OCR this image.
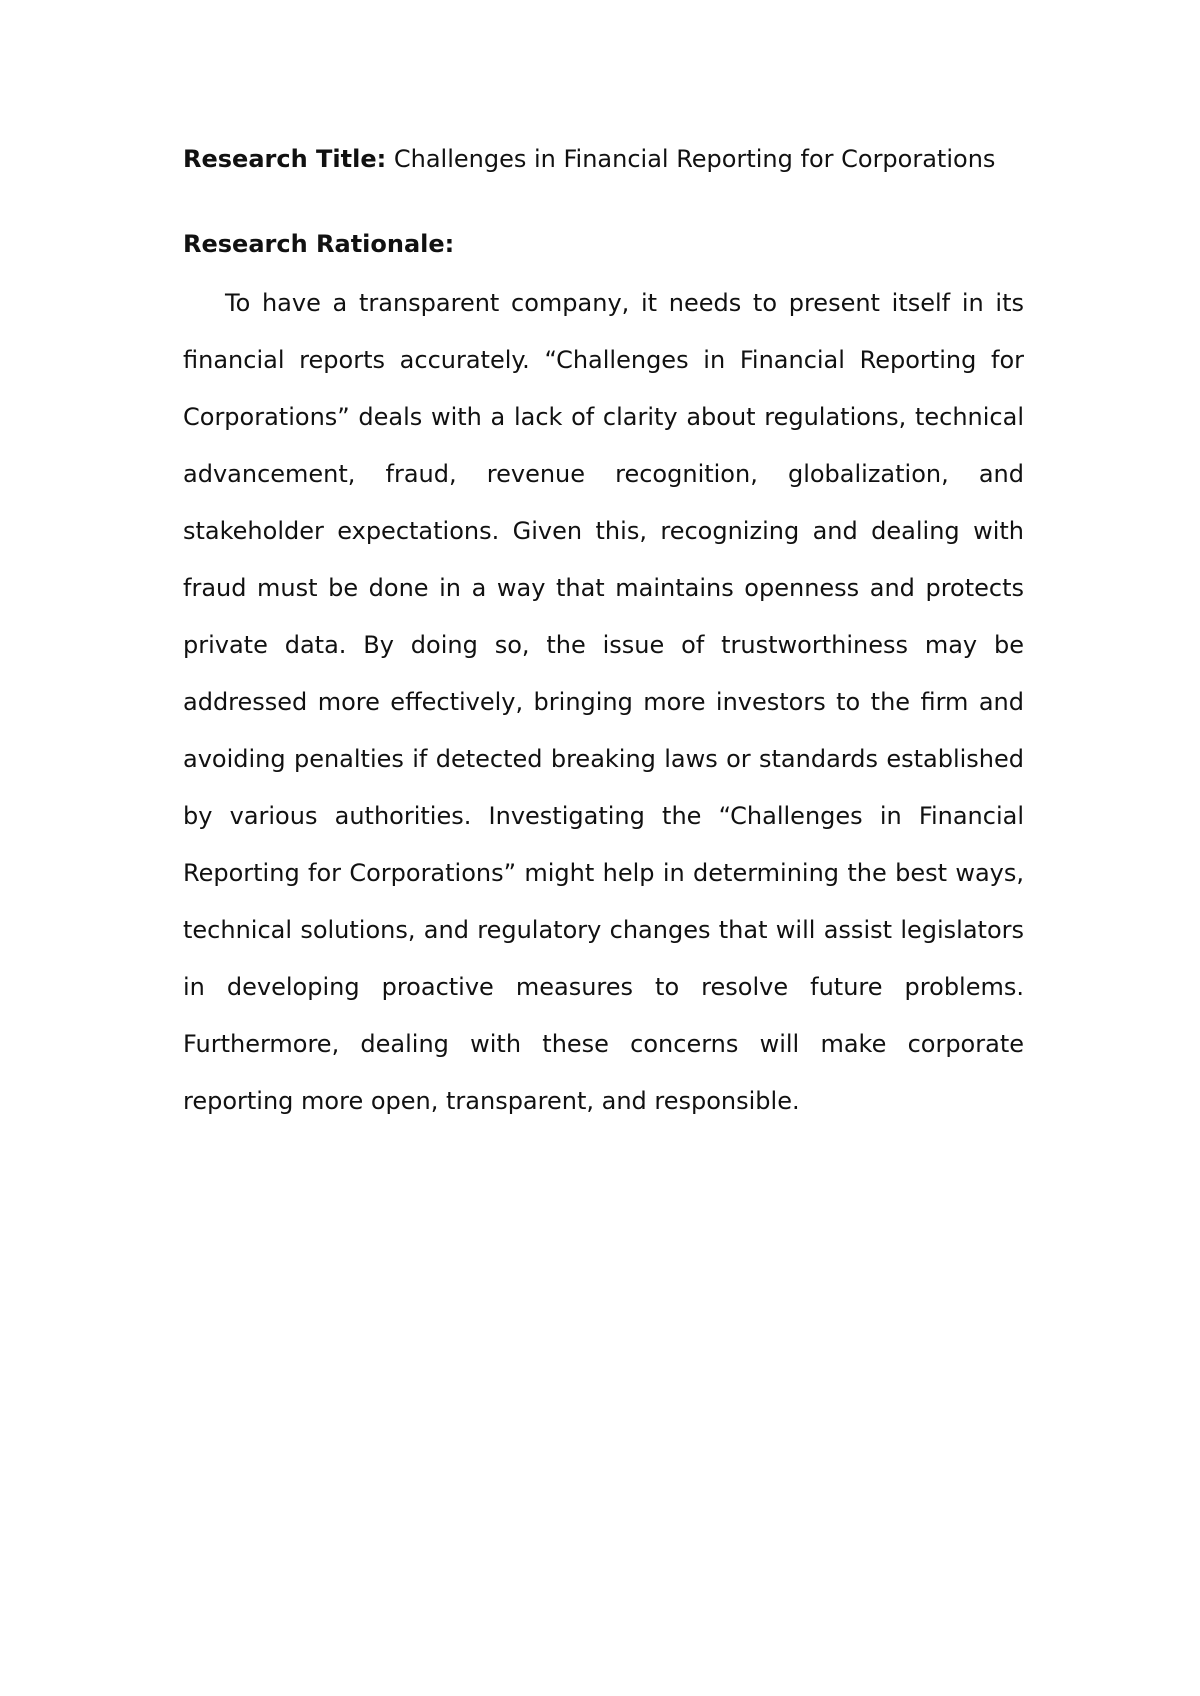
Research Title: Challenges in Financial Reporting for Corporations

Research Rationale:

To have a transparent company, it needs to present itself in its financial reports accurately. “Challenges in Financial Reporting for Corporations” deals with a lack of clarity about regulations, technical advancement, fraud, revenue recognition, globalization, and stakeholder expectations. Given this, recognizing and dealing with fraud must be done in a way that maintains openness and protects private data. By doing so, the issue of trustworthiness may be addressed more effectively, bringing more investors to the firm and avoiding penalties if detected breaking laws or standards established by various authorities. Investigating the “Challenges in Financial Reporting for Corporations” might help in determining the best ways, technical solutions, and regulatory changes that will assist legislators in developing proactive measures to resolve future problems. Furthermore, dealing with these concerns will make corporate reporting more open, transparent, and responsible.
